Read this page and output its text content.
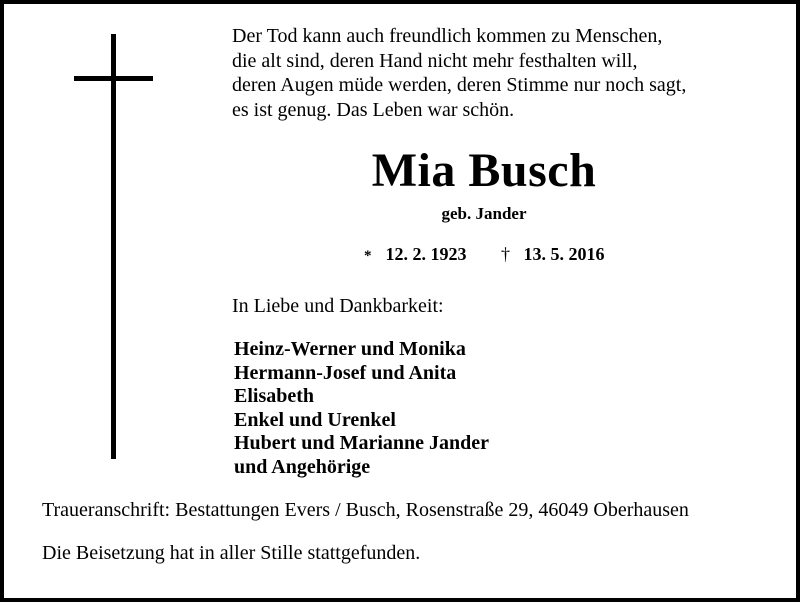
Der Tod kann auch freundlich kommen zu Menschen,
die alt sind, deren Hand nicht mehr festhalten will,
deren Augen müde werden, deren Stimme nur noch sagt,
es ist genug. Das Leben war schön.
Mia Busch
geb. Jander
* 12. 2. 1923 † 13. 5. 2016
In Liebe und Dankbarkeit:
Heinz-Werner und Monika
Hermann-Josef und Anita
Elisabeth
Enkel und Urenkel
Hubert und Marianne Jander
und Angehörige
Traueranschrift: Bestattungen Evers / Busch, Rosenstraße 29, 46049 Oberhausen
Die Beisetzung hat in aller Stille stattgefunden.
